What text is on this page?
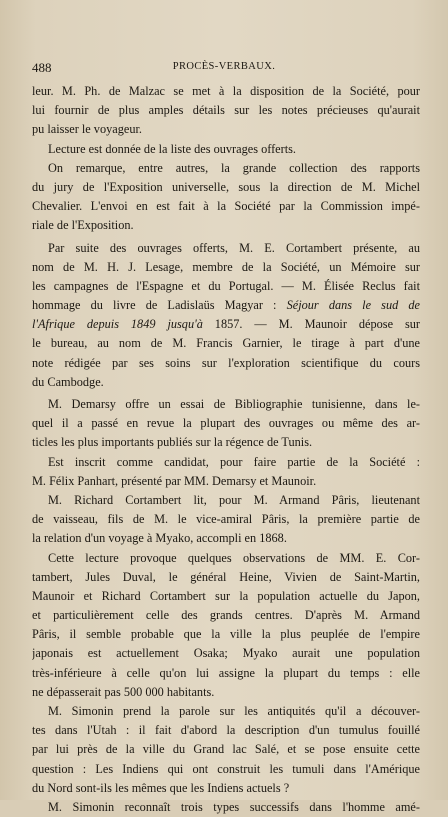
488	PROCÈS-VERBAUX.
leur. M. Ph. de Malzac se met à la disposition de la Société, pour
lui fournir de plus amples détails sur les notes précieuses qu'aurait
pu laisser le voyageur.
Lecture est donnée de la liste des ouvrages offerts.
On remarque, entre autres, la grande collection des rapports
du jury de l'Exposition universelle, sous la direction de M. Michel
Chevalier. L'envoi en est fait à la Société par la Commission impé-
riale de l'Exposition.
Par suite des ouvrages offerts, M. E. Cortambert présente, au
nom de M. H. J. Lesage, membre de la Société, un Mémoire sur
les campagnes de l'Espagne et du Portugal. — M. Élisée Reclus fait
hommage du livre de Ladislaüs Magyar : Séjour dans le sud de
l'Afrique depuis 1849 jusqu'à 1857. — M. Maunoir dépose sur
le bureau, au nom de M. Francis Garnier, le tirage à part d'une
note rédigée par ses soins sur l'exploration scientifique du cours
du Cambodge.
M. Demarsy offre un essai de Bibliographie tunisienne, dans le-
quel il a passé en revue la plupart des ouvrages ou même des ar-
ticles les plus importants publiés sur la régence de Tunis.
Est inscrit comme candidat, pour faire partie de la Société :
M. Félix Panhart, présenté par MM. Demarsy et Maunoir.
M. Richard Cortambert lit, pour M. Armand Pâris, lieutenant
de vaisseau, fils de M. le vice-amiral Pâris, la première partie de
la relation d'un voyage à Myako, accompli en 1868.
Cette lecture provoque quelques observations de MM. E. Cor-
tambert, Jules Duval, le général Heine, Vivien de Saint-Martin,
Maunoir et Richard Cortambert sur la population actuelle du Japon,
et particulièrement celle des grands centres. D'après M. Armand
Pâris, il semble probable que la ville la plus peuplée de l'empire
japonais est actuellement Osaka; Myako aurait une population
très-inférieure à celle qu'on lui assigne la plupart du temps : elle
ne dépasserait pas 500 000 habitants.
M. Simonin prend la parole sur les antiquités qu'il a découver-
tes dans l'Utah : il fait d'abord la description d'un tumulus fouillé
par lui près de la ville du Grand lac Salé, et se pose ensuite cette
question : Les Indiens qui ont construit les tumuli dans l'Amérique
du Nord sont-ils les mêmes que les Indiens actuels ?
M. Simonin reconnaît trois types successifs dans l'homme amé-
